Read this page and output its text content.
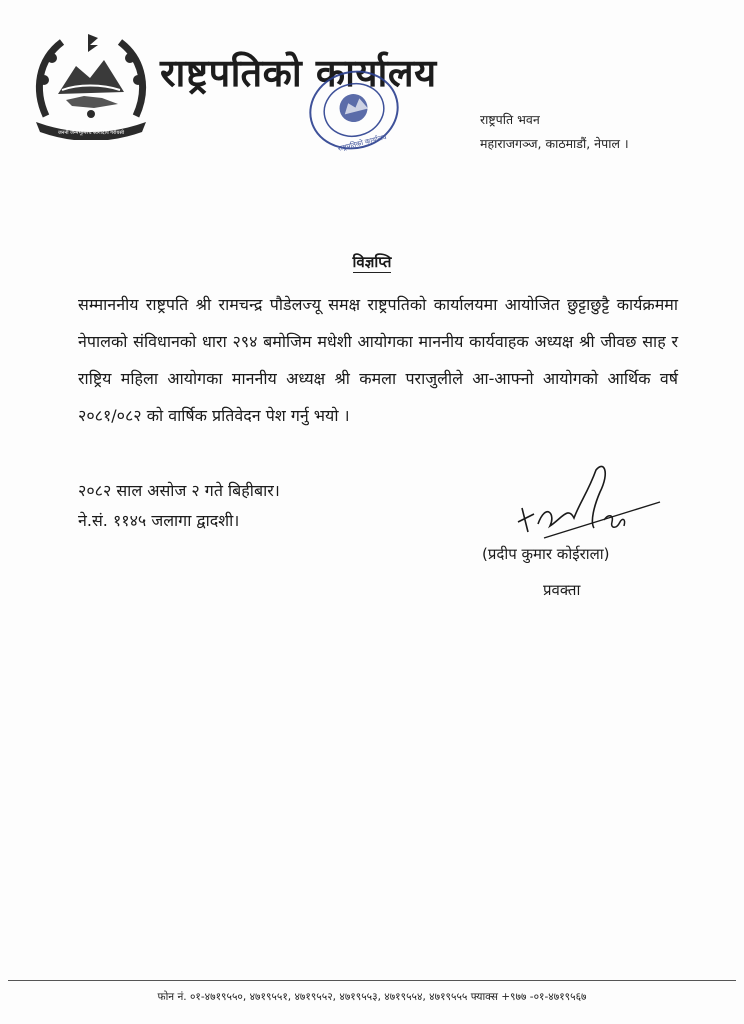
जननी जन्मभूमिश्च स्वर्गादपि गरीयसी
राष्ट्रपतिको कार्यालय
राष्ट्रपतिको कार्यालय
राष्ट्रपति भवन
महाराजगञ्ज, काठमाडौं, नेपाल ।
विज्ञप्ति
सम्माननीय राष्ट्रपति श्री रामचन्द्र पौडेलज्यू समक्ष राष्ट्रपतिको कार्यालयमा आयोजित छुट्टाछुट्टै कार्यक्रममा नेपालको संविधानको धारा २९४ बमोजिम मधेशी आयोगका माननीय कार्यवाहक अध्यक्ष श्री जीवछ साह र राष्ट्रिय महिला आयोगका माननीय अध्यक्ष श्री कमला पराजुलीले आ-आफ्नो आयोगको आर्थिक वर्ष २०८१/०८२ को वार्षिक प्रतिवेदन पेश गर्नु भयो ।
२०८२ साल असोज २ गते बिहीबार।
ने.सं. ११४५ जलागा द्वादशी।
(प्रदीप कुमार कोईराला)
प्रवक्ता
फोन नं. ०१-४७१९५५०, ४७१९५५१, ४७१९५५२, ४७१९५५३, ४७१९५५४, ४७१९५५५ फ्याक्स +९७७ -०१-४७१९५६७
